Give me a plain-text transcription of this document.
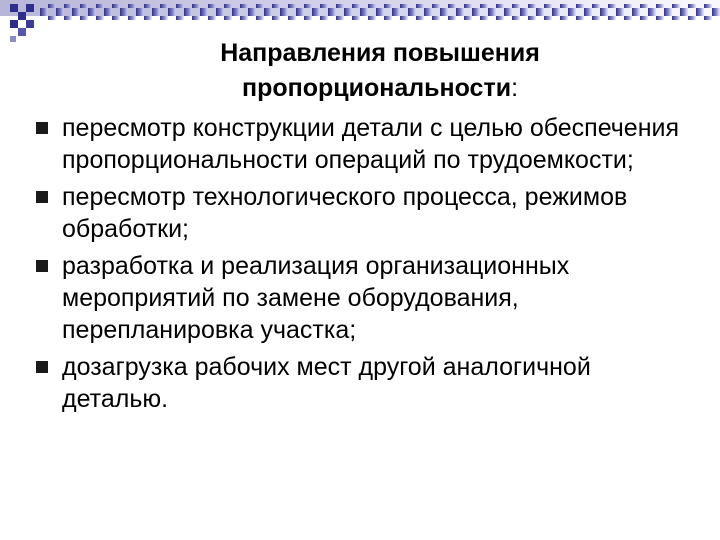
Направления повышения
пропорциональности:
пересмотр конструкции детали с целью обеспечения пропорциональности операций по трудоемкости;
пересмотр технологического процесса, режимов обработки;
разработка и реализация организационных мероприятий по замене оборудования, перепланировка участка;
дозагрузка рабочих мест другой аналогичной деталью.
